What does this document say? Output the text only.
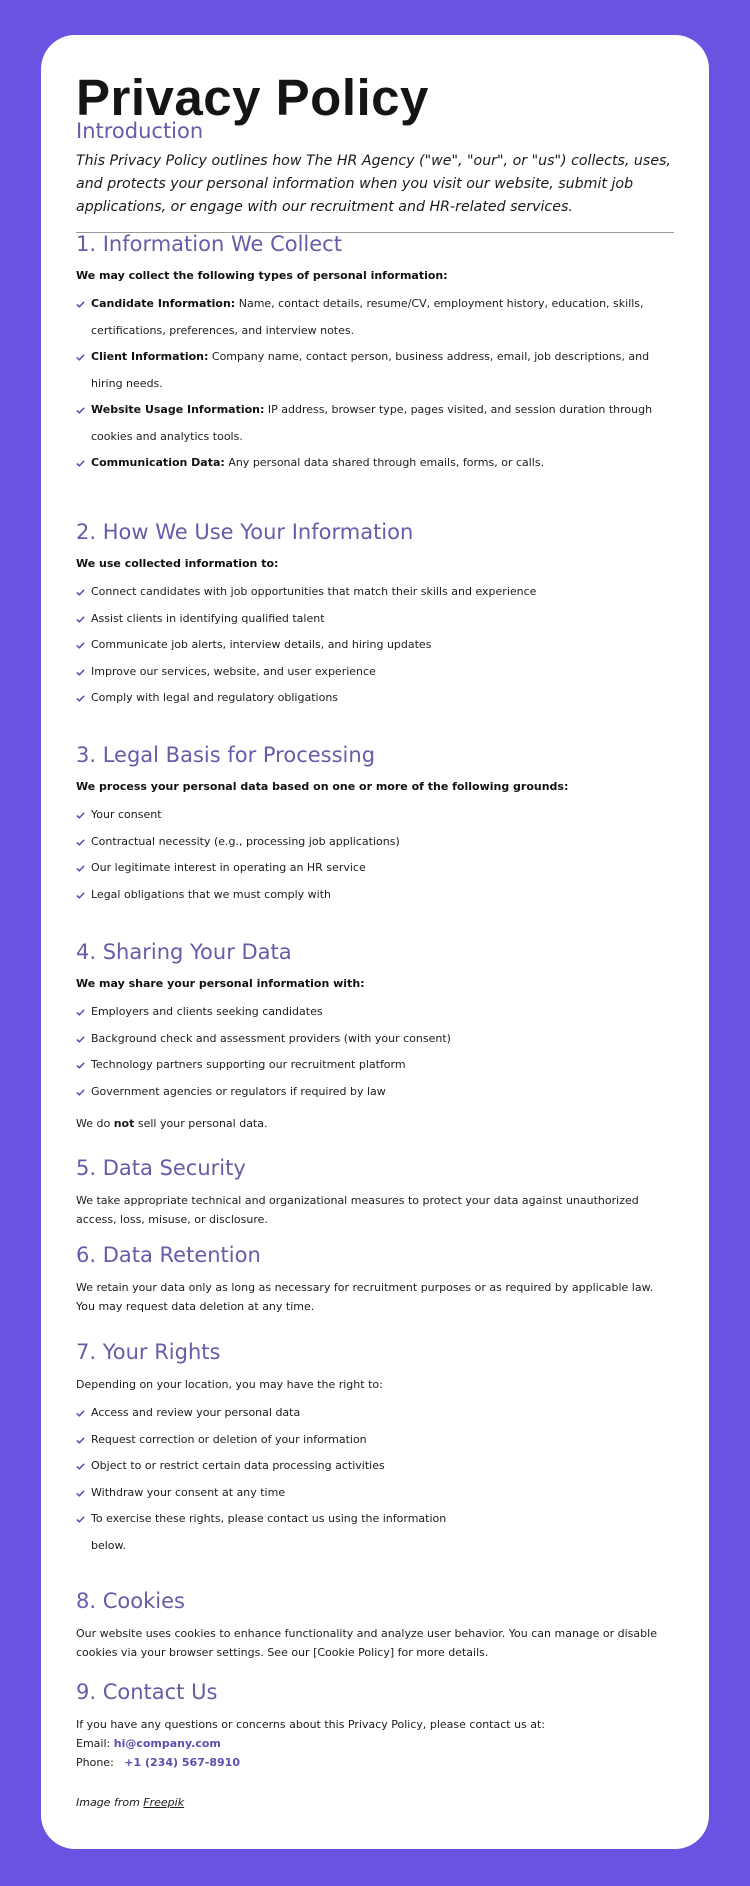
Privacy Policy
Introduction

This Privacy Policy outlines how The HR Agency ("we", "our", or "us") collects, uses, and protects your personal information when you visit our website, submit job applications, or engage with our recruitment and HR-related services.

1. Information We Collect

We may collect the following types of personal information:

Candidate Information: Name, contact details, resume/CV, employment history, education, skills, certifications, preferences, and interview notes.
Client Information: Company name, contact person, business address, email, job descriptions, and hiring needs.
Website Usage Information: IP address, browser type, pages visited, and session duration through cookies and analytics tools.
Communication Data: Any personal data shared through emails, forms, or calls.
2. How We Use Your Information

We use collected information to:

Connect candidates with job opportunities that match their skills and experience
Assist clients in identifying qualified talent
Communicate job alerts, interview details, and hiring updates
Improve our services, website, and user experience
Comply with legal and regulatory obligations
3. Legal Basis for Processing

We process your personal data based on one or more of the following grounds:

Your consent
Contractual necessity (e.g., processing job applications)
Our legitimate interest in operating an HR service
Legal obligations that we must comply with
4. Sharing Your Data

We may share your personal information with:

Employers and clients seeking candidates
Background check and assessment providers (with your consent)
Technology partners supporting our recruitment platform
Government agencies or regulators if required by law

We do not sell your personal data.

5. Data Security

We take appropriate technical and organizational measures to protect your data against unauthorized access, loss, misuse, or disclosure.

6. Data Retention

We retain your data only as long as necessary for recruitment purposes or as required by applicable law. You may request data deletion at any time.

7. Your Rights

Depending on your location, you may have the right to:

Access and review your personal data
Request correction or deletion of your information
Object to or restrict certain data processing activities
Withdraw your consent at any time
To exercise these rights, please contact us using the information
below.
8. Cookies

Our website uses cookies to enhance functionality and analyze user behavior. You can manage or disable cookies via your browser settings. See our [Cookie Policy] for more details.

9. Contact Us

If you have any questions or concerns about this Privacy Policy, please contact us at:

Email: hi@company.com

Phone: +1 (234) 567-8910

Image from Freepik
